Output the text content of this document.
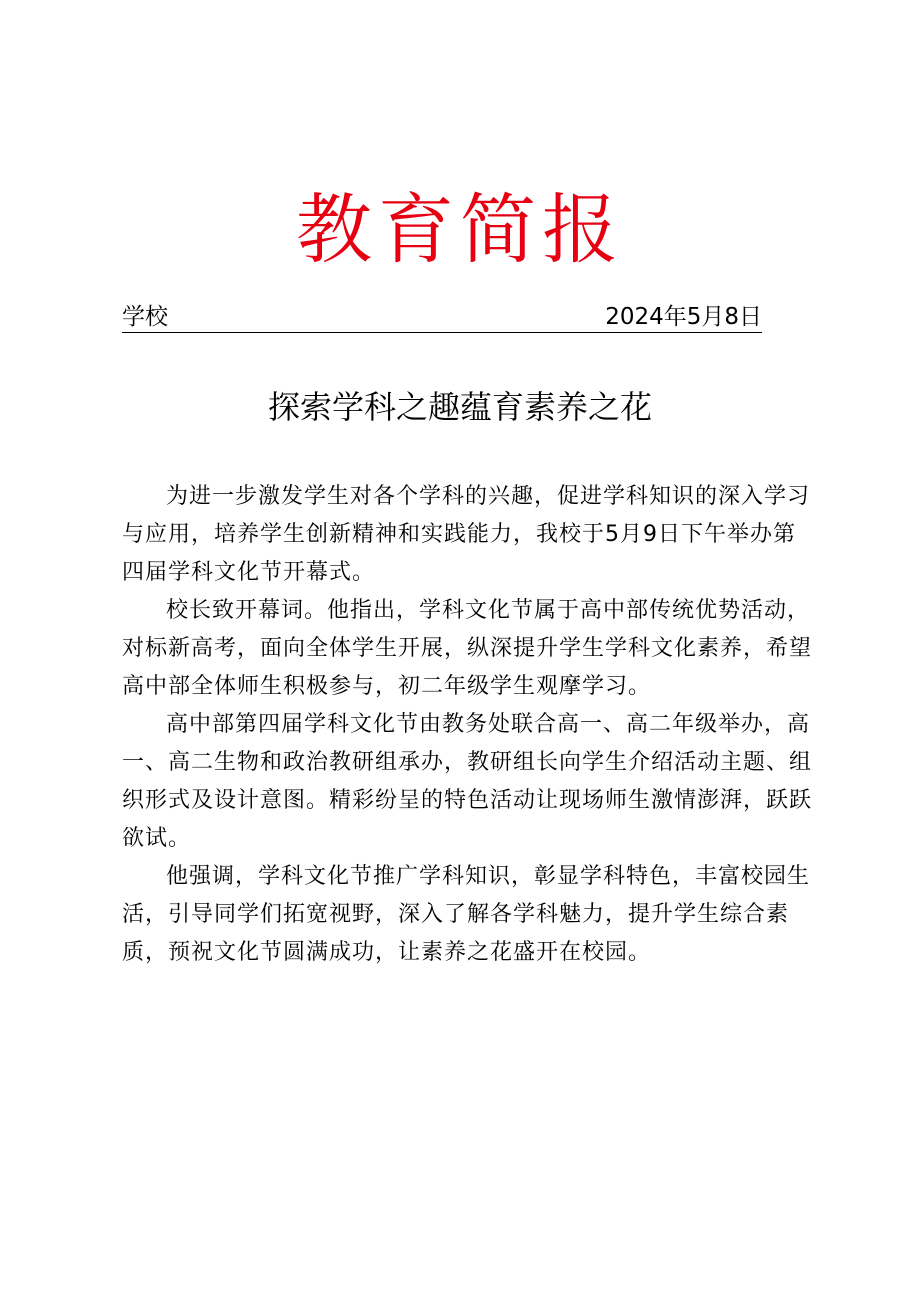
教育简报
学校	2024年5月8日
探索学科之趣蕴育素养之花

为进一步激发学生对各个学科的兴趣，促进学科知识的深入学习与应用，培养学生创新精神和实践能力，我校于5月9日下午举办第四届学科文化节开幕式。

校长致开幕词。他指出，学科文化节属于高中部传统优势活动，对标新高考，面向全体学生开展，纵深提升学生学科文化素养，希望高中部全体师生积极参与，初二年级学生观摩学习。

高中部第四届学科文化节由教务处联合高一、高二年级举办，高一、高二生物和政治教研组承办，教研组长向学生介绍活动主题、组织形式及设计意图。精彩纷呈的特色活动让现场师生激情澎湃，跃跃欲试。

他强调，学科文化节推广学科知识，彰显学科特色，丰富校园生活，引导同学们拓宽视野，深入了解各学科魅力，提升学生综合素质，预祝文化节圆满成功，让素养之花盛开在校园。
